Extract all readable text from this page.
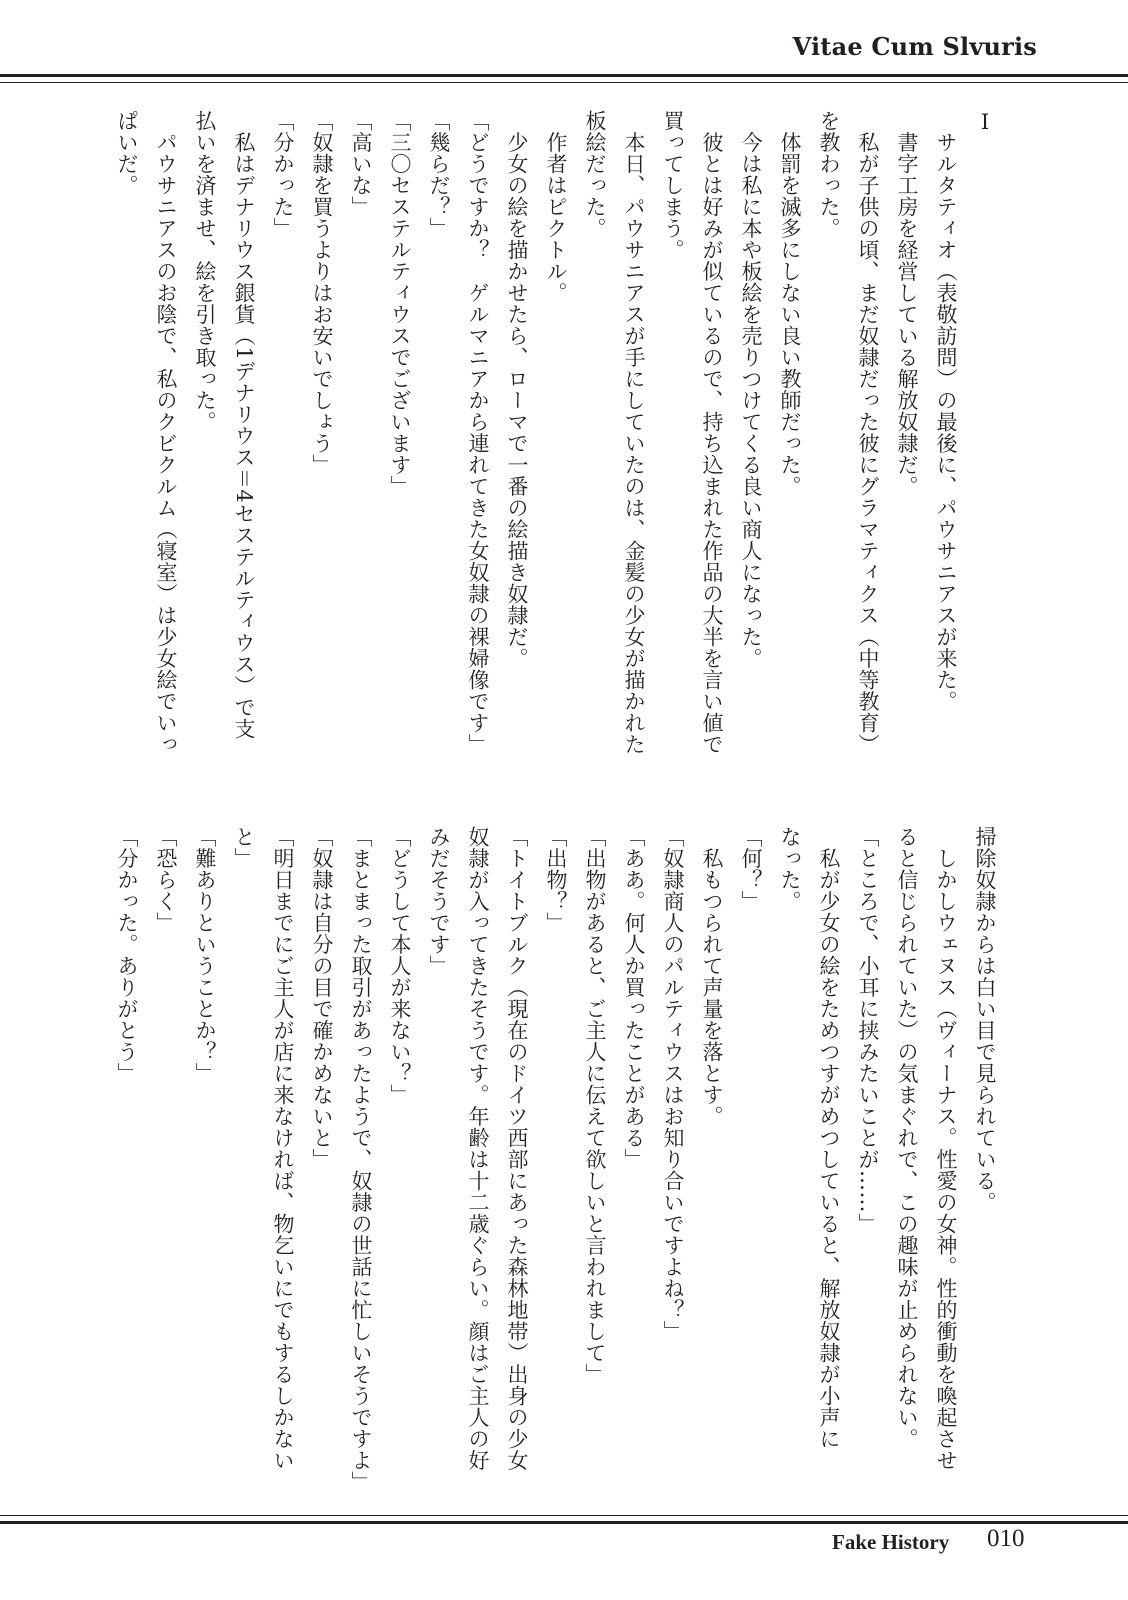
Vitae Cum Slvuris
Ⅰ
　サルタティオ（表敬訪問）の最後に、パウサニアスが来た。
　書字工房を経営している解放奴隷だ。
　私が子供の頃、まだ奴隷だった彼にグラマティクス（中等教育）
を教わった。
　体罰を滅多にしない良い教師だった。
　今は私に本や板絵を売りつけてくる良い商人になった。
　彼とは好みが似ているので、持ち込まれた作品の大半を言い値で
買ってしまう。
　本日、パウサニアスが手にしていたのは、金髪の少女が描かれた
板絵だった。
　作者はピクトル。
　少女の絵を描かせたら、ローマで一番の絵描き奴隷だ。
「どうですか？　ゲルマニアから連れてきた女奴隷の裸婦像です」
「幾らだ？」
「三〇セステルティウスでございます」
「高いな」
「奴隷を買うよりはお安いでしょう」
「分かった」
　私はデナリウス銀貨（1デナリウス＝4セステルティウス）で支
払いを済ませ、絵を引き取った。
　パウサニアスのお陰で、私のクビクルム（寝室）は少女絵でいっ
ぱいだ。
掃除奴隷からは白い目で見られている。
　しかしウェヌス（ヴィーナス。性愛の女神。性的衝動を喚起させ
ると信じられていた）の気まぐれで、この趣味が止められない。
「ところで、小耳に挟みたいことが……」
　私が少女の絵をためつすがめつしていると、解放奴隷が小声に
なった。
「何？」
　私もつられて声量を落とす。
「奴隷商人のパルティウスはお知り合いですよね？」
「ああ。何人か買ったことがある」
「出物があると、ご主人に伝えて欲しいと言われまして」
「出物？」
「トイトブルク（現在のドイツ西部にあった森林地帯）出身の少女
奴隷が入ってきたそうです。年齢は十二歳ぐらい。顔はご主人の好
みだそうです」
「どうして本人が来ない？」
「まとまった取引があったようで、奴隷の世話に忙しいそうですよ」
「奴隷は自分の目で確かめないと」
「明日までにご主人が店に来なければ、物乞いにでもするしかない
と」
「難ありということか？」
「恐らく」
「分かった。ありがとう」
Fake History 010
